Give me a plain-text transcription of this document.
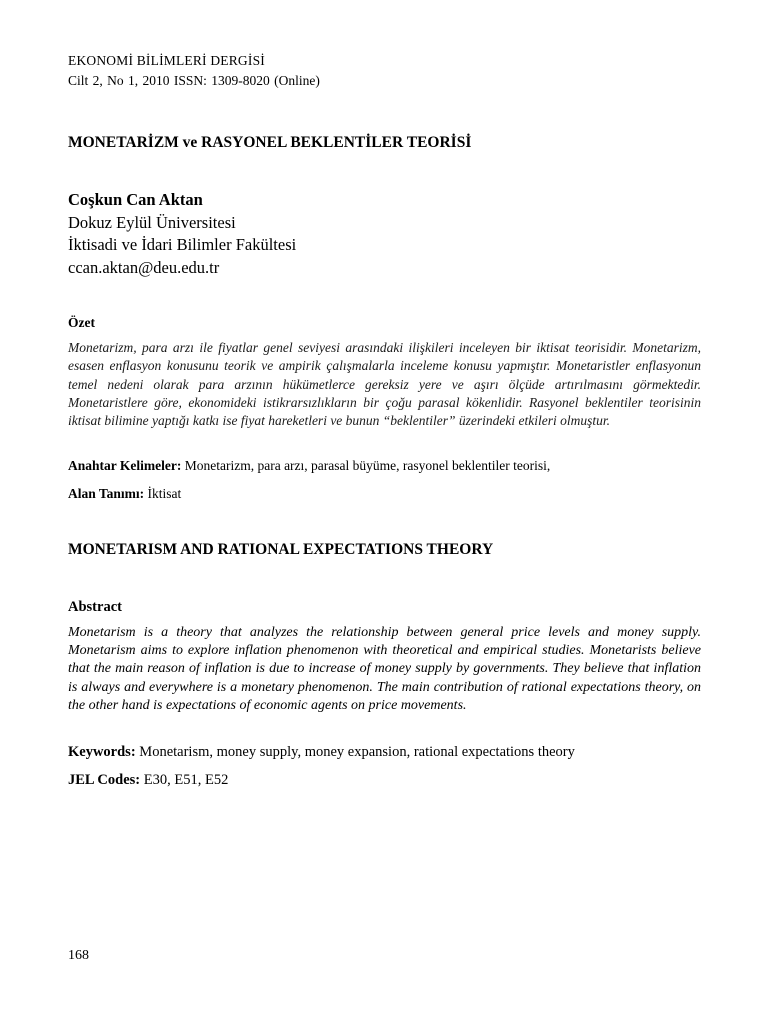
EKONOMİ BİLİMLERİ DERGİSİ
Cilt 2, No 1, 2010 ISSN: 1309-8020 (Online)
MONETARİZM ve RASYONEL BEKLENTİLER TEORİSİ
Coşkun Can Aktan
Dokuz Eylül Üniversitesi
İktisadi ve İdari Bilimler Fakültesi
ccan.aktan@deu.edu.tr
Özet
Monetarizm, para arzı ile fiyatlar genel seviyesi arasındaki ilişkileri inceleyen bir iktisat teorisidir. Monetarizm, esasen enflasyon konusunu teorik ve ampirik çalışmalarla inceleme konusu yapmıştır. Monetaristler enflasyonun temel nedeni olarak para arzının hükümetlerce gereksiz yere ve aşırı ölçüde artırılmasını görmektedir. Monetaristlere göre, ekonomideki istikrarsızlıkların bir çoğu parasal kökenlidir. Rasyonel beklentiler teorisinin iktisat bilimine yaptığı katkı ise fiyat hareketleri ve bunun “beklentiler” üzerindeki etkileri olmuştur.
Anahtar Kelimeler: Monetarizm, para arzı, parasal büyüme, rasyonel beklentiler teorisi,
Alan Tanımı: İktisat
MONETARISM AND RATIONAL EXPECTATIONS THEORY
Abstract
Monetarism is a theory that analyzes the relationship between general price levels and money supply. Monetarism aims to explore inflation phenomenon with theoretical and empirical studies. Monetarists believe that the main reason of inflation is due to increase of money supply by governments. They believe that inflation is always and everywhere is a monetary phenomenon. The main contribution of rational expectations theory, on the other hand is expectations of economic agents on price movements.
Keywords: Monetarism, money supply, money expansion, rational expectations theory
JEL Codes: E30, E51, E52
168
